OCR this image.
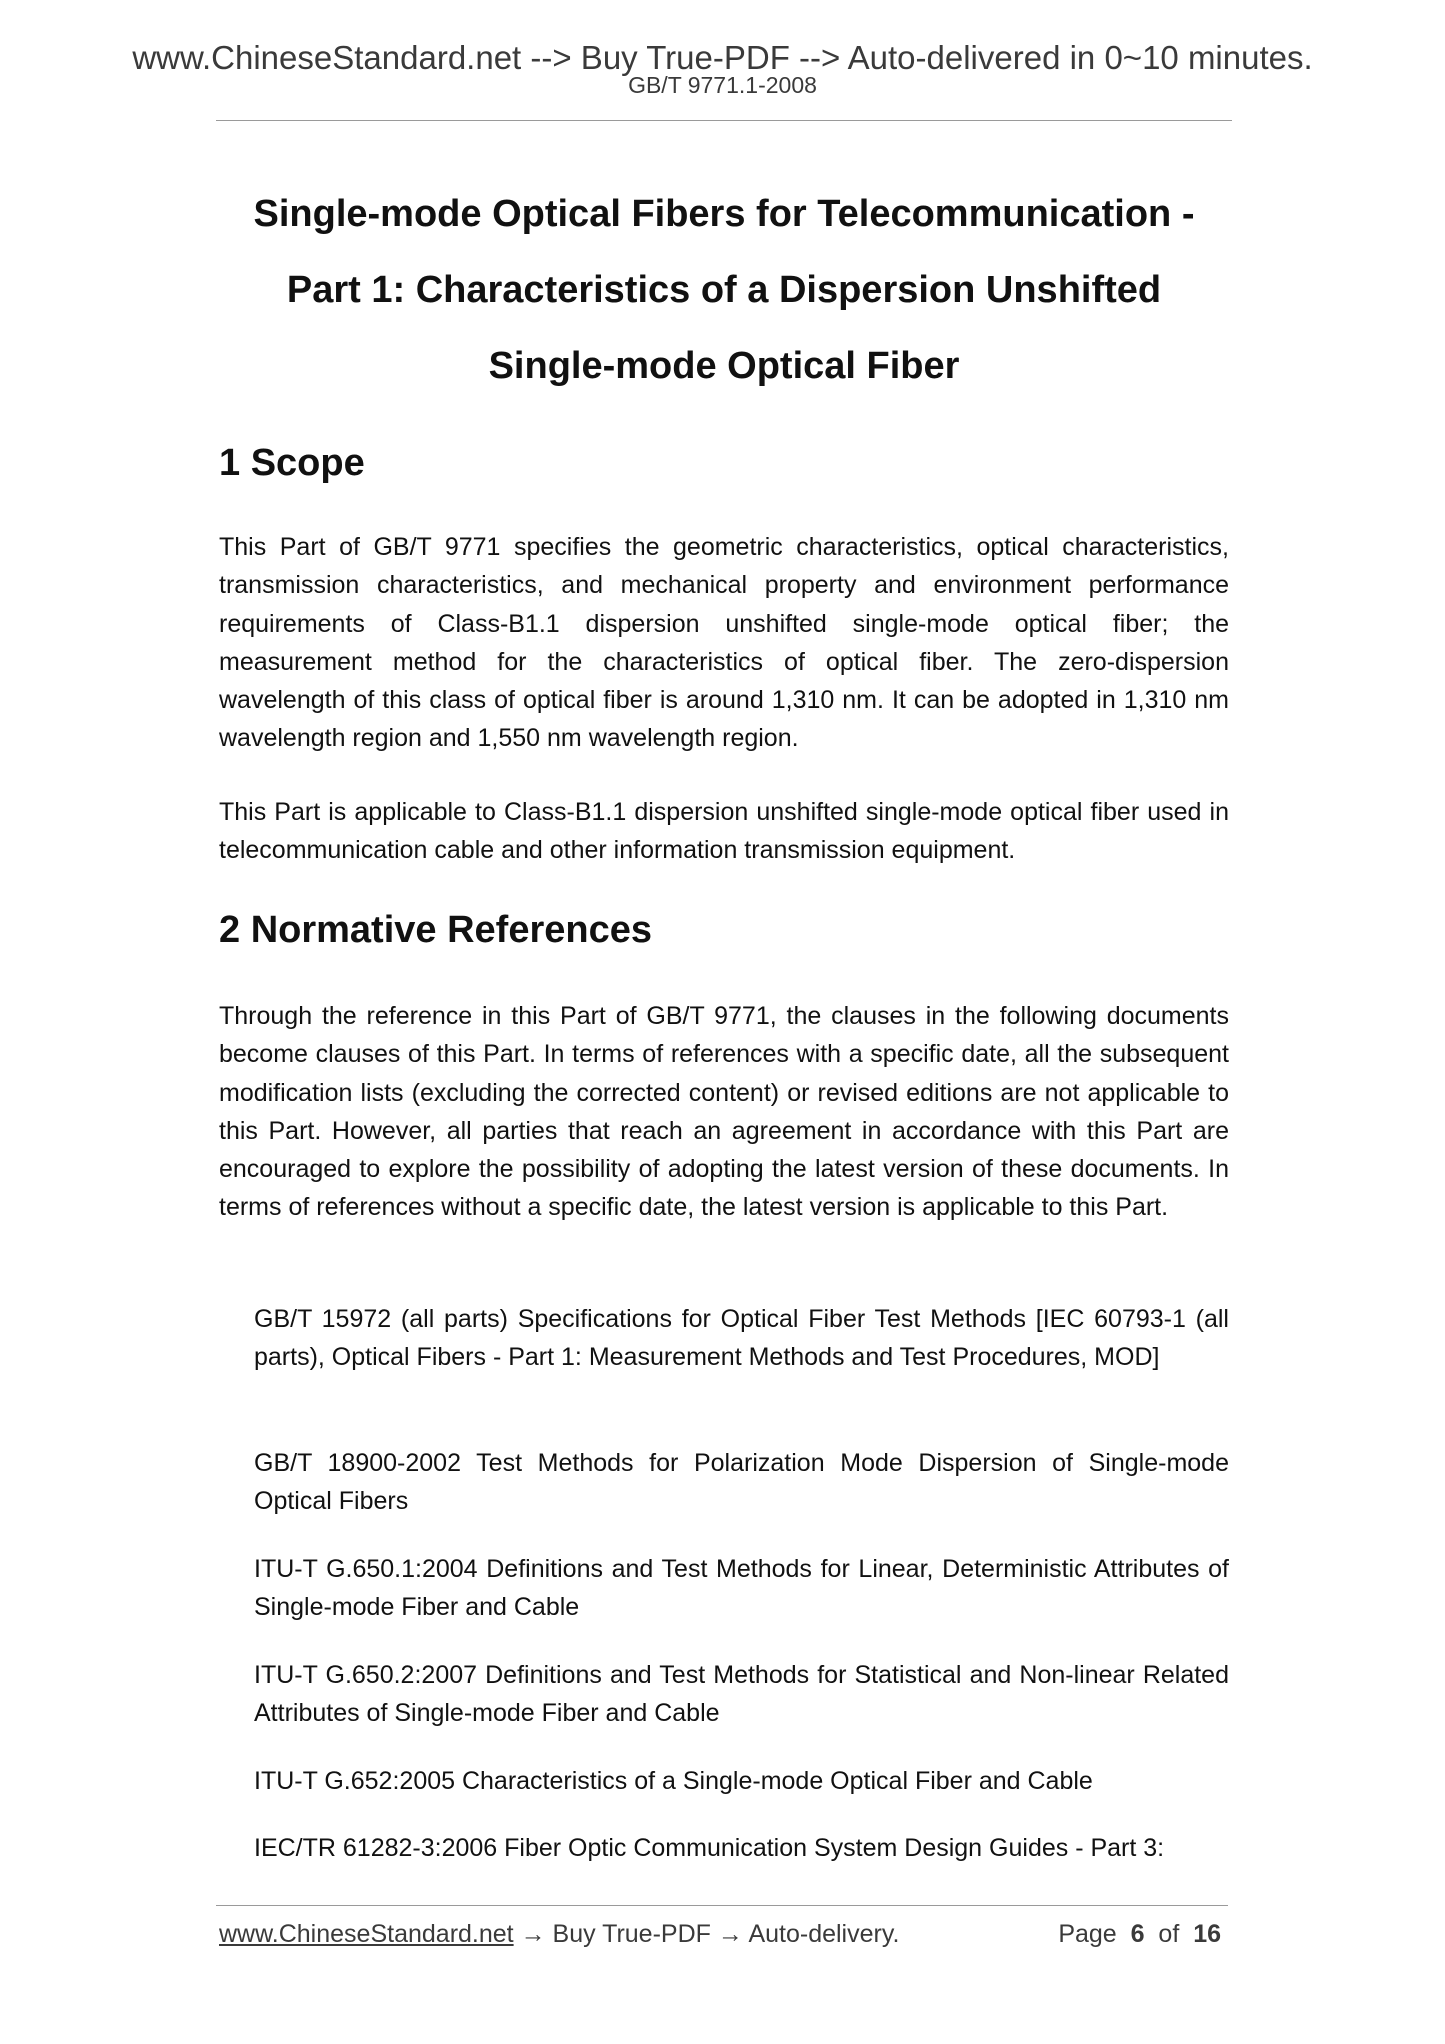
www.ChineseStandard.net --> Buy True-PDF --> Auto-delivered in 0~10 minutes.
GB/T 9771.1-2008
Single-mode Optical Fibers for Telecommunication -
Part 1: Characteristics of a Dispersion Unshifted
Single-mode Optical Fiber
1 Scope

This Part of GB/T 9771 specifies the geometric characteristics, optical characteristics, transmission characteristics, and mechanical property and environment performance requirements of Class-B1.1 dispersion unshifted single-mode optical fiber; the measurement method for the characteristics of optical fiber. The zero-dispersion wavelength of this class of optical fiber is around 1,310 nm. It can be adopted in 1,310 nm wavelength region and 1,550 nm wavelength region.

This Part is applicable to Class-B1.1 dispersion unshifted single-mode optical fiber used in telecommunication cable and other information transmission equipment.

2 Normative References

Through the reference in this Part of GB/T 9771, the clauses in the following documents become clauses of this Part. In terms of references with a specific date, all the subsequent modification lists (excluding the corrected content) or revised editions are not applicable to this Part. However, all parties that reach an agreement in accordance with this Part are encouraged to explore the possibility of adopting the latest version of these documents. In terms of references without a specific date, the latest version is applicable to this Part.

GB/T 15972 (all parts) Specifications for Optical Fiber Test Methods [IEC 60793-1 (all parts), Optical Fibers - Part 1: Measurement Methods and Test Procedures, MOD]

GB/T 18900-2002 Test Methods for Polarization Mode Dispersion of Single-mode Optical Fibers

ITU-T G.650.1:2004 Definitions and Test Methods for Linear, Deterministic Attributes of Single-mode Fiber and Cable

ITU-T G.650.2:2007 Definitions and Test Methods for Statistical and Non-linear Related Attributes of Single-mode Fiber and Cable

ITU-T G.652:2005 Characteristics of a Single-mode Optical Fiber and Cable

IEC/TR 61282-3:2006 Fiber Optic Communication System Design Guides - Part 3:

www.ChineseStandard.net → Buy True-PDF → Auto-delivery.	Page 6 of 16
